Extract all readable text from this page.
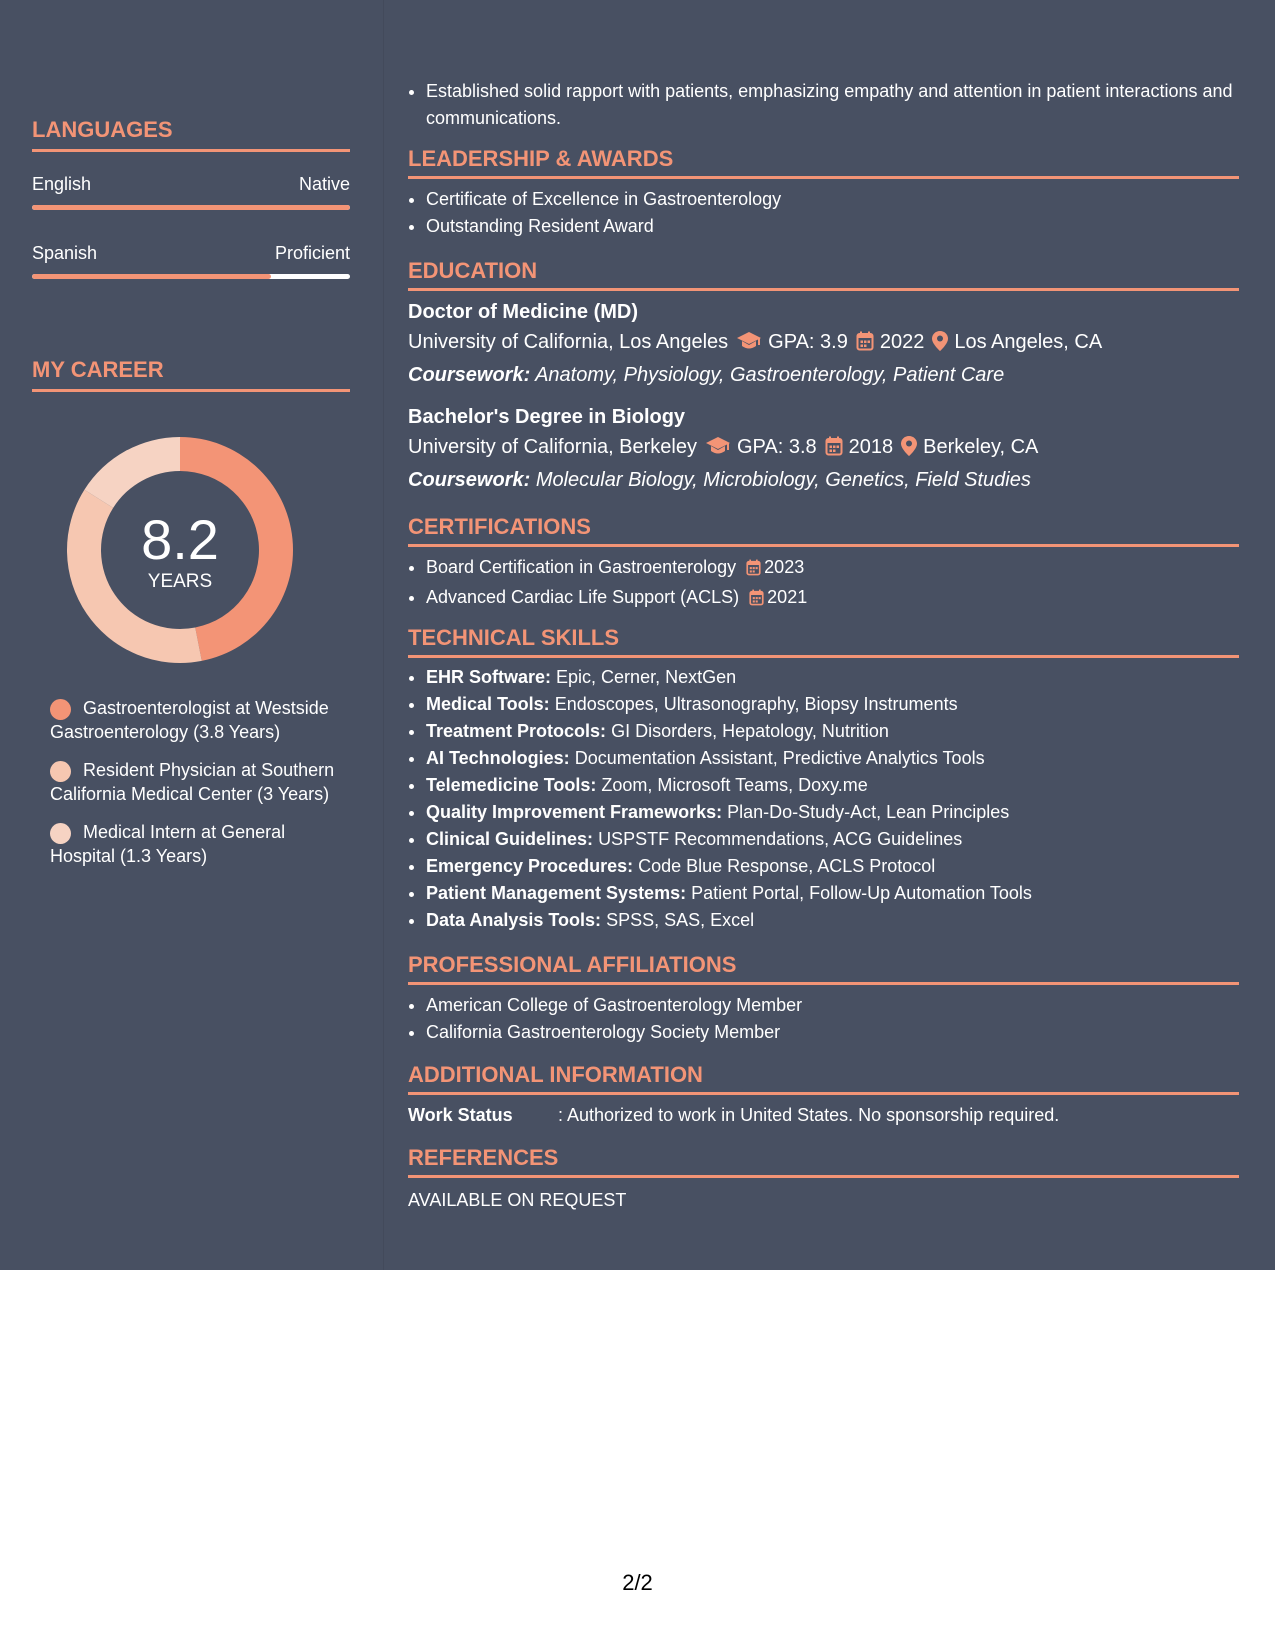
LANGUAGES
English	Native
Spanish	Proficient
MY CAREER
8.2
YEARS
Gastroenterologist at Westside Gastroenterology (3.8 Years)
Resident Physician at Southern California Medical Center (3 Years)
Medical Intern at General Hospital (1.3 Years)
• Established solid rapport with patients, emphasizing empathy and attention in patient interactions and communications.
LEADERSHIP & AWARDS
• Certificate of Excellence in Gastroenterology
• Outstanding Resident Award
EDUCATION
Doctor of Medicine (MD)
University of California, Los Angeles GPA: 3.9 2022 Los Angeles, CA
Coursework: Anatomy, Physiology, Gastroenterology, Patient Care
Bachelor's Degree in Biology
University of California, Berkeley GPA: 3.8 2018 Berkeley, CA
Coursework: Molecular Biology, Microbiology, Genetics, Field Studies
CERTIFICATIONS
• Board Certification in Gastroenterology 2023
• Advanced Cardiac Life Support (ACLS) 2021
TECHNICAL SKILLS
• EHR Software: Epic, Cerner, NextGen
• Medical Tools: Endoscopes, Ultrasonography, Biopsy Instruments
• Treatment Protocols: GI Disorders, Hepatology, Nutrition
• AI Technologies: Documentation Assistant, Predictive Analytics Tools
• Telemedicine Tools: Zoom, Microsoft Teams, Doxy.me
• Quality Improvement Frameworks: Plan-Do-Study-Act, Lean Principles
• Clinical Guidelines: USPSTF Recommendations, ACG Guidelines
• Emergency Procedures: Code Blue Response, ACLS Protocol
• Patient Management Systems: Patient Portal, Follow-Up Automation Tools
• Data Analysis Tools: SPSS, SAS, Excel
PROFESSIONAL AFFILIATIONS
• American College of Gastroenterology Member
• California Gastroenterology Society Member
ADDITIONAL INFORMATION
Work Status	: Authorized to work in United States. No sponsorship required.
REFERENCES
AVAILABLE ON REQUEST
2/2
